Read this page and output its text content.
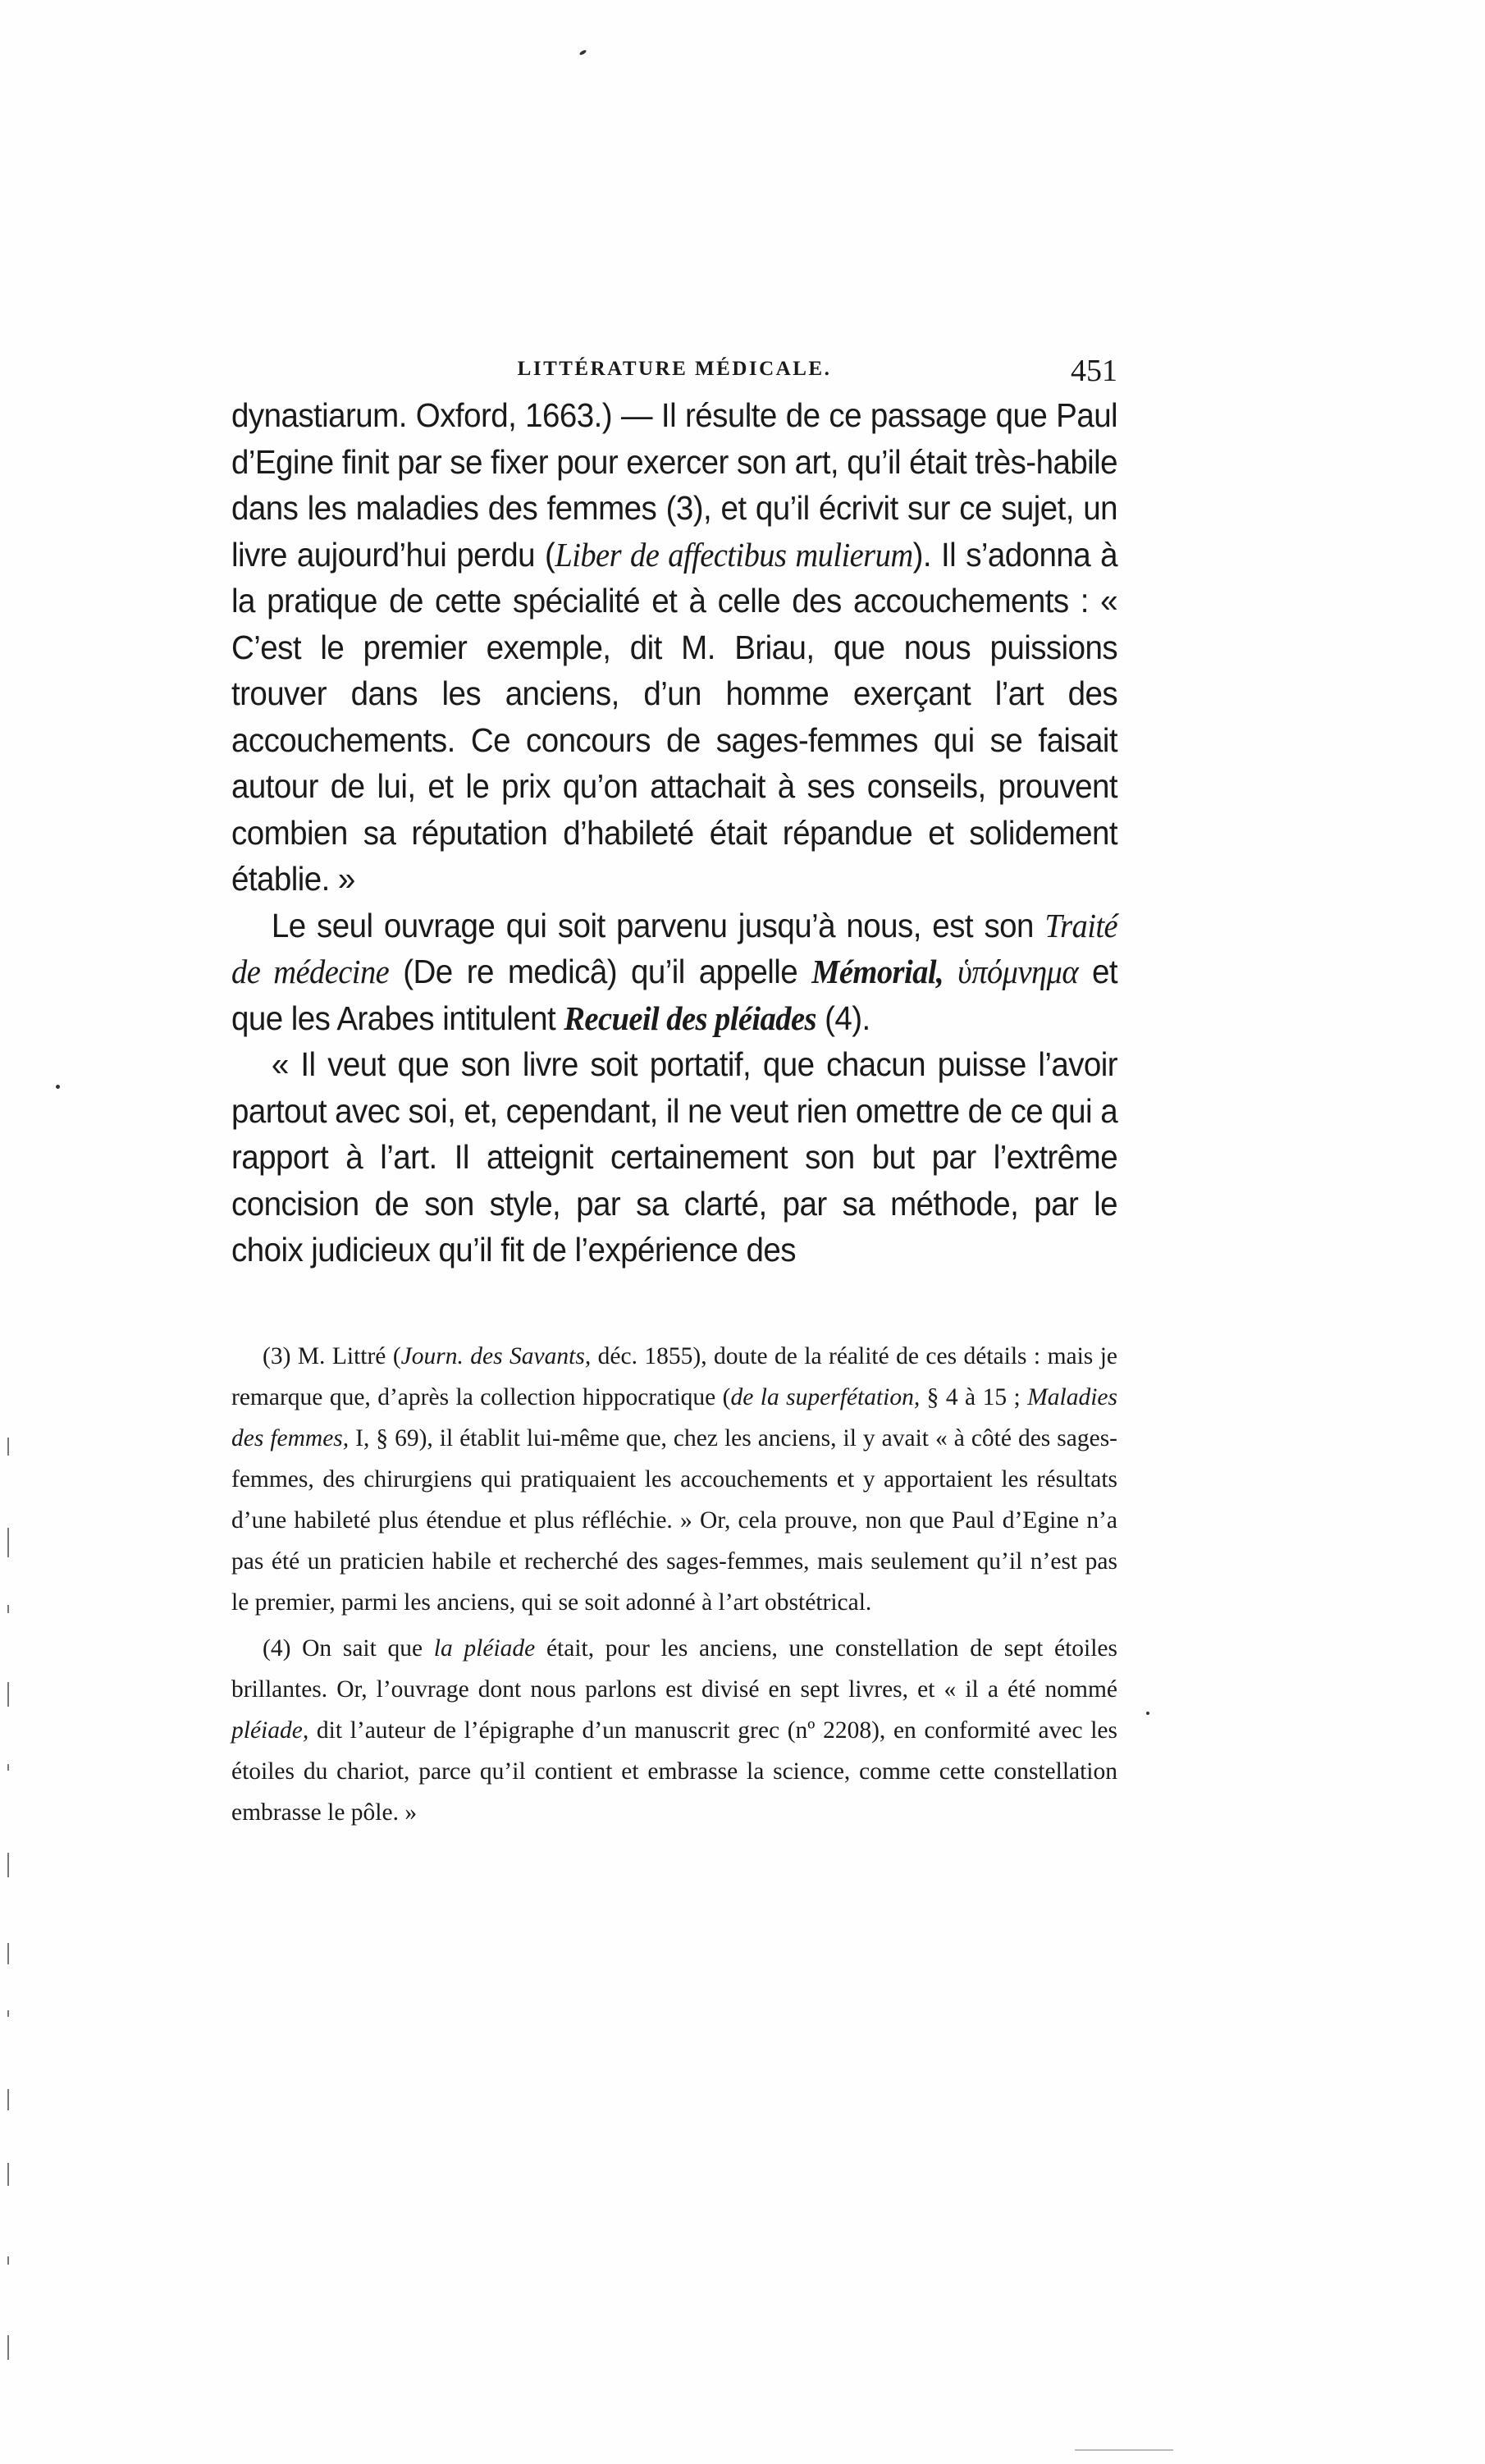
LITTÉRATURE MÉDICALE.	451

dynastiarum. Oxford, 1663.) — Il résulte de ce passage que Paul d’Egine finit par se fixer pour exercer son art, qu’il était très-habile dans les maladies des femmes (3), et qu’il écrivit sur ce sujet, un livre aujourd’hui perdu (Liber de affectibus mulierum). Il s’adonna à la pratique de cette spécialité et à celle des accouchements : « C’est le premier exemple, dit M. Briau, que nous puissions trouver dans les anciens, d’un homme exerçant l’art des accouchements. Ce concours de sages-femmes qui se faisait autour de lui, et le prix qu’on attachait à ses conseils, prouvent combien sa réputation d’habileté était répandue et solidement établie. »

Le seul ouvrage qui soit parvenu jusqu’à nous, est son Traité de médecine (De re medicâ) qu’il appelle Mémorial, ὑπόμνημα et que les Arabes intitulent Recueil des pléiades (4).

« Il veut que son livre soit portatif, que chacun puisse l’avoir partout avec soi, et, cependant, il ne veut rien omettre de ce qui a rapport à l’art. Il atteignit certainement son but par l’extrême concision de son style, par sa clarté, par sa méthode, par le choix judicieux qu’il fit de l’expérience des

(3) M. Littré (Journ. des Savants, déc. 1855), doute de la réalité de ces détails : mais je remarque que, d’après la collection hippocratique (de la superfétation, § 4 à 15 ; Maladies des femmes, I, § 69), il établit lui-même que, chez les anciens, il y avait « à côté des sages-femmes, des chirurgiens qui pratiquaient les accouchements et y apportaient les résultats d’une habileté plus étendue et plus réfléchie. » Or, cela prouve, non que Paul d’Egine n’a pas été un praticien habile et recherché des sages-femmes, mais seulement qu’il n’est pas le premier, parmi les anciens, qui se soit adonné à l’art obstétrical.

(4) On sait que la pléiade était, pour les anciens, une constellation de sept étoiles brillantes. Or, l’ouvrage dont nous parlons est divisé en sept livres, et « il a été nommé pléiade, dit l’auteur de l’épigraphe d’un manuscrit grec (nº 2208), en conformité avec les étoiles du chariot, parce qu’il contient et embrasse la science, comme cette constellation embrasse le pôle. »
